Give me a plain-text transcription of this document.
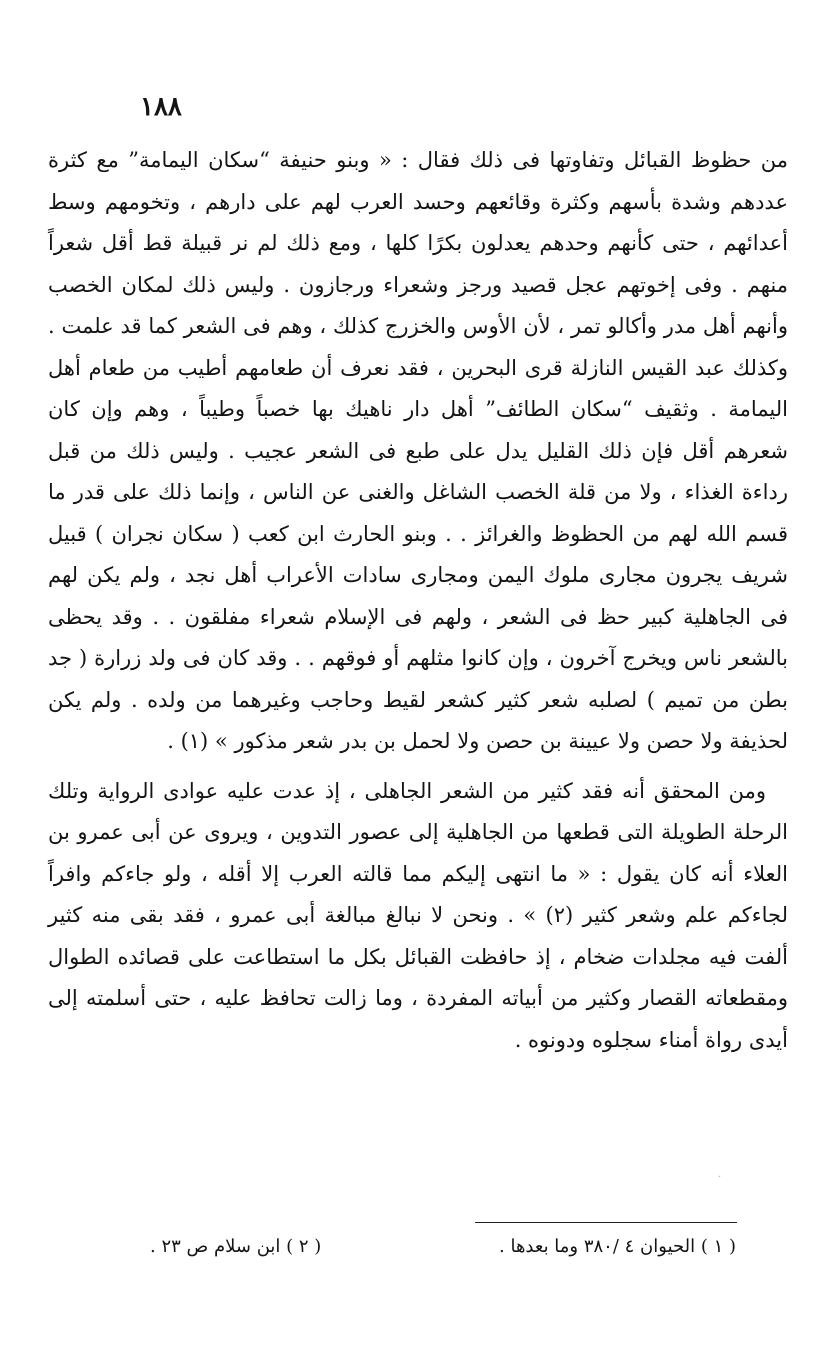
١٨٨

من حظوظ القبائل وتفاوتها فى ذلك فقال : « وبنو حنيفة “سكان اليمامة” مع كثرة عددهم وشدة بأسهم وكثرة وقائعهم وحسد العرب لهم على دارهم ، وتخومهم وسط أعدائهم ، حتى كأنهم وحدهم يعدلون بكرًا كلها ، ومع ذلك لم نر قبيلة قط أقل شعراً منهم . وفى إخوتهم عجل قصيد ورجز وشعراء ورجازون . وليس ذلك لمكان الخصب وأنهم أهل مدر وأكالو تمر ، لأن الأوس والخزرج كذلك ، وهم فى الشعر كما قد علمت . وكذلك عبد القيس النازلة قرى البحرين ، فقد نعرف أن طعامهم أطيب من طعام أهل اليمامة . وثقيف “سكان الطائف” أهل دار ناهيك بها خصباً وطيباً ، وهم وإن كان شعرهم أقل فإن ذلك القليل يدل على طبع فى الشعر عجيب . وليس ذلك من قبل رداءة الغذاء ، ولا من قلة الخصب الشاغل والغنى عن الناس ، وإنما ذلك على قدر ما قسم الله لهم من الحظوظ والغرائز . . وبنو الحارث ابن كعب ( سكان نجران ) قبيل شريف يجرون مجارى ملوك اليمن ومجارى سادات الأعراب أهل نجد ، ولم يكن لهم فى الجاهلية كبير حظ فى الشعر ، ولهم فى الإسلام شعراء مفلقون . . وقد يحظى بالشعر ناس ويخرج آخرون ، وإن كانوا مثلهم أو فوقهم . . وقد كان فى ولد زرارة ( جد بطن من تميم ) لصلبه شعر كثير كشعر لقيط وحاجب وغيرهما من ولده . ولم يكن لحذيفة ولا حصن ولا عيينة بن حصن ولا لحمل بن بدر شعر مذكور » (١) .

ومن المحقق أنه فقد كثير من الشعر الجاهلى ، إذ عدت عليه عوادى الرواية وتلك الرحلة الطويلة التى قطعها من الجاهلية إلى عصور التدوين ، ويروى عن أبى عمرو بن العلاء أنه كان يقول : « ما انتهى إليكم مما قالته العرب إلا أقله ، ولو جاءكم وافراً لجاءكم علم وشعر كثير (٢) » . ونحن لا نبالغ مبالغة أبى عمرو ، فقد بقى منه كثير ألفت فيه مجلدات ضخام ، إذ حافظت القبائل بكل ما استطاعت على قصائده الطوال ومقطعاته القصار وكثير من أبياته المفردة ، وما زالت تحافظ عليه ، حتى أسلمته إلى أيدى رواة أمناء سجلوه ودونوه .

·
( ١ ) الحيوان ٤ /٣٨٠ وما بعدها .
( ٢ ) ابن سلام ص ٢٣ .
